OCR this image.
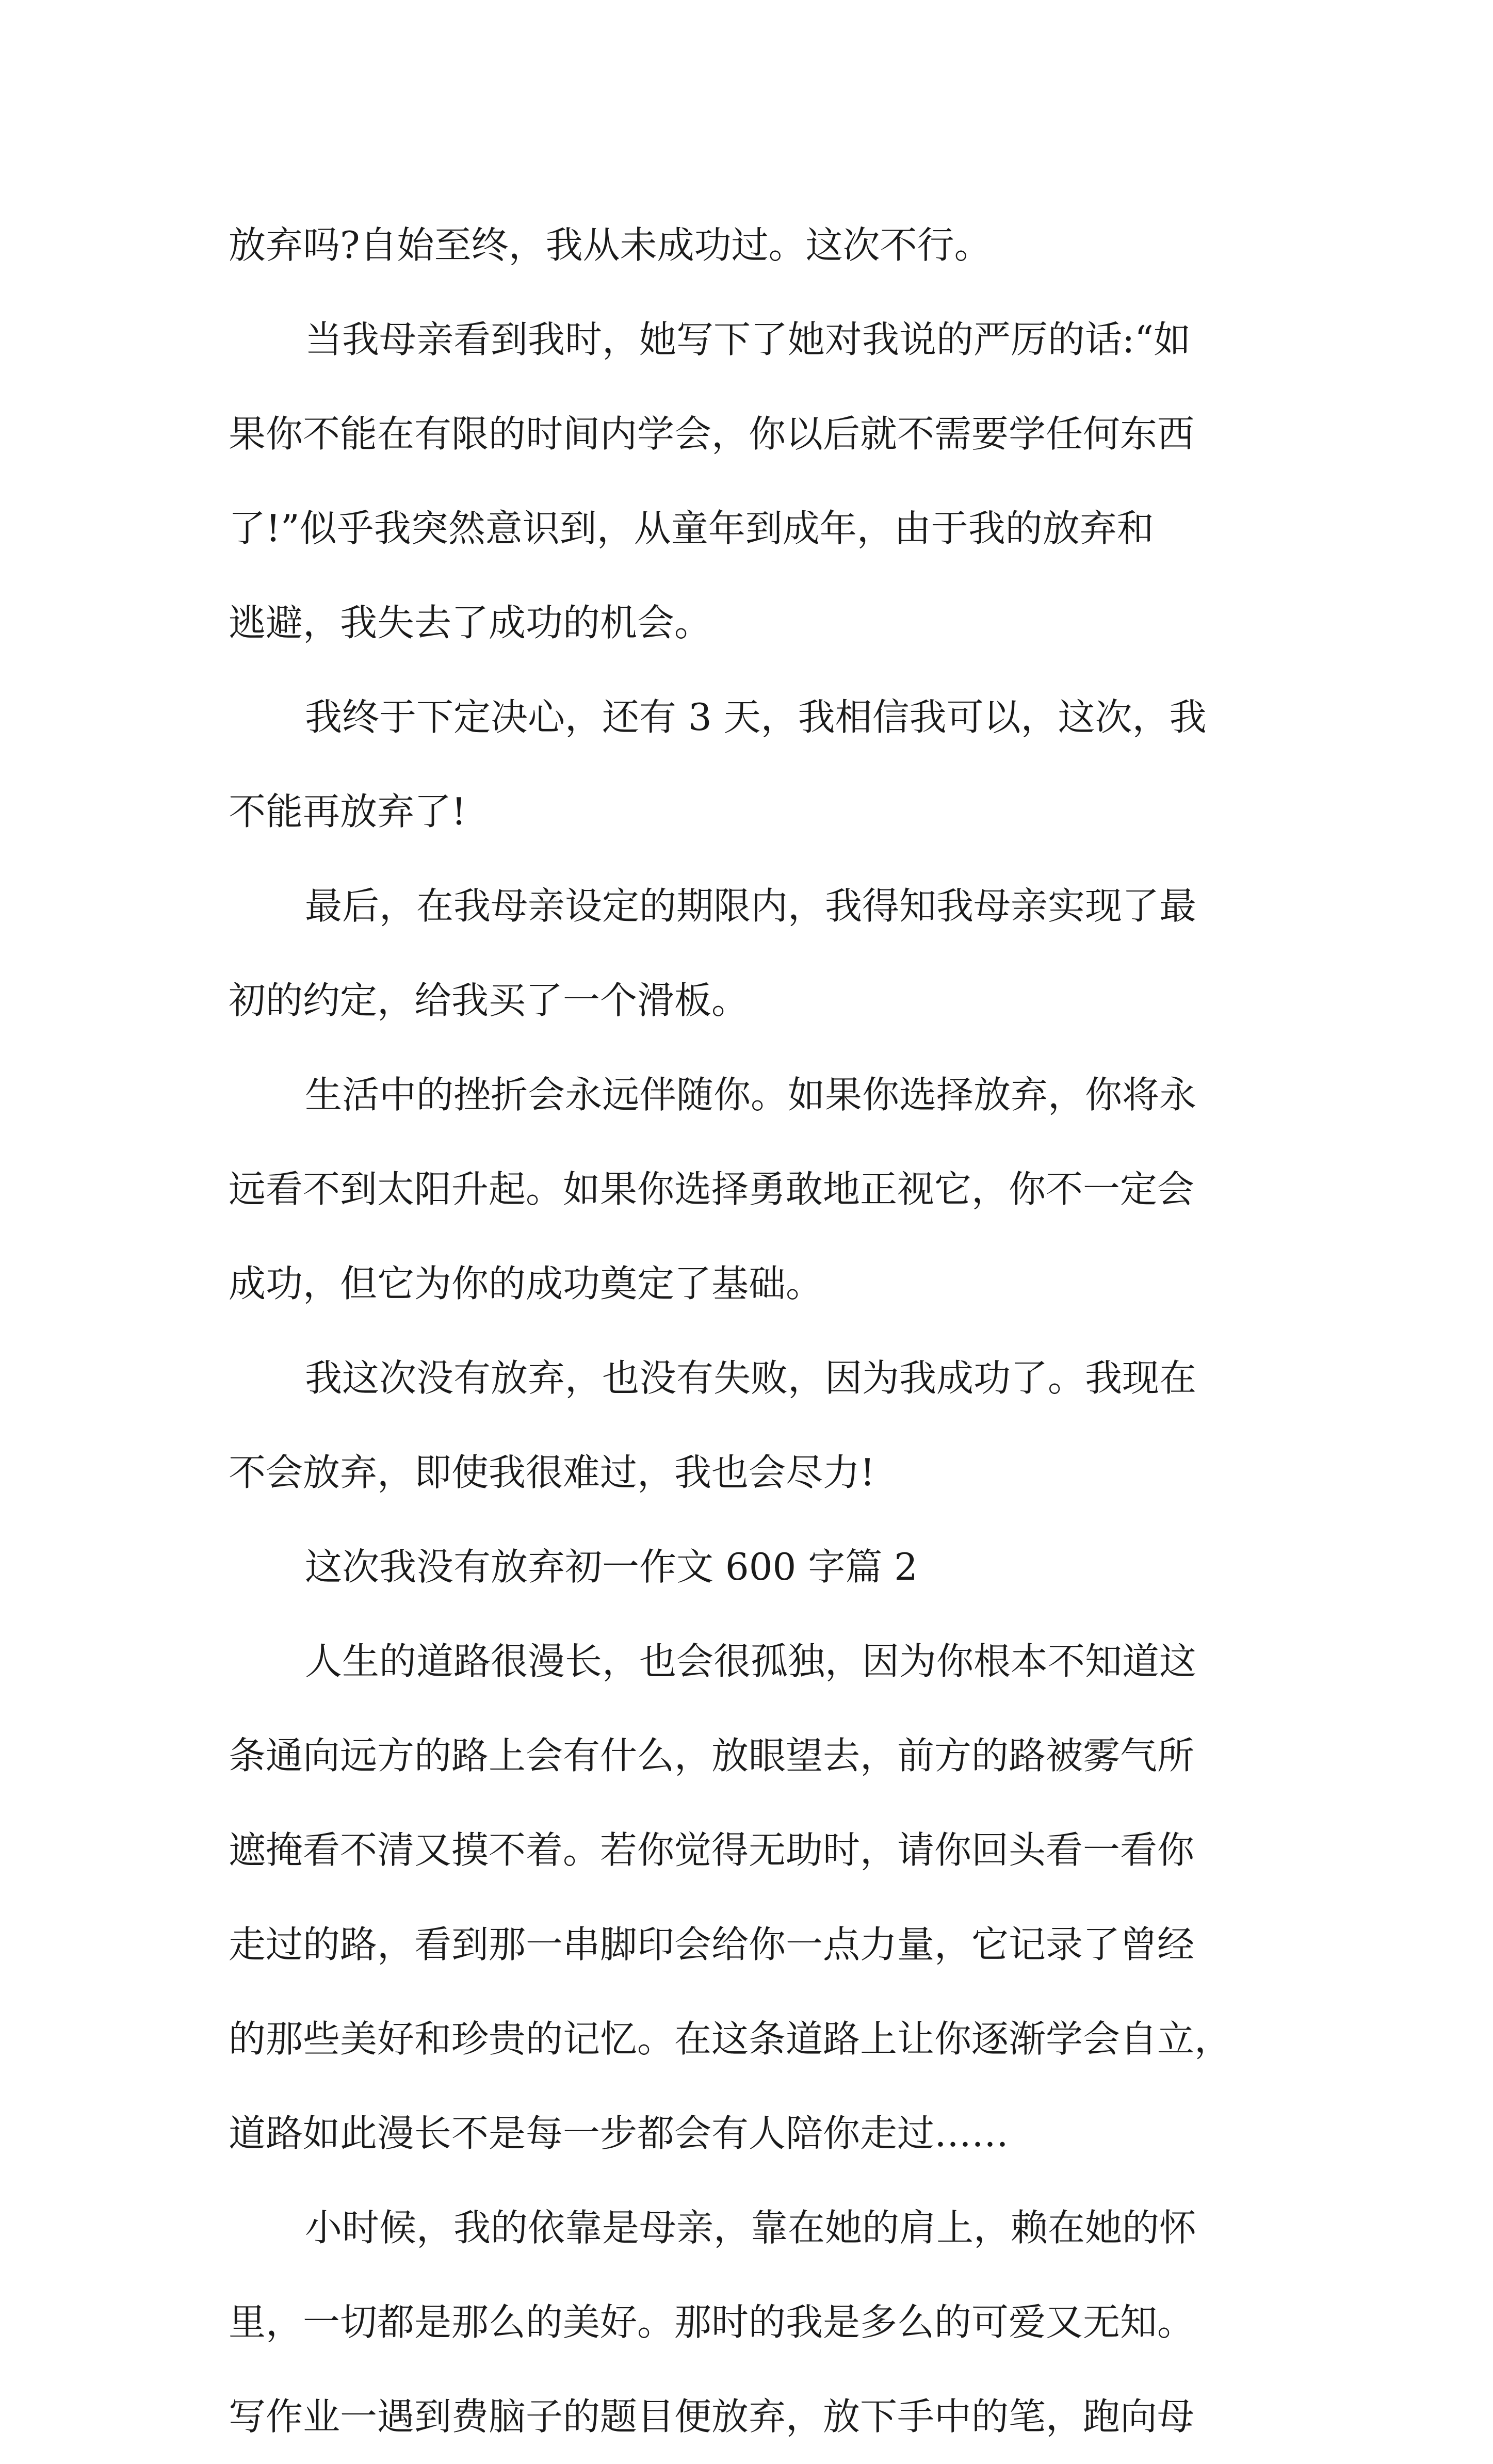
放弃吗?自始至终，我从未成功过。这次不行。
当我母亲看到我时，她写下了她对我说的严厉的话:“如
果你不能在有限的时间内学会，你以后就不需要学任何东西
了!”似乎我突然意识到，从童年到成年，由于我的放弃和
逃避，我失去了成功的机会。
我终于下定决心，还有 3 天，我相信我可以，这次，我
不能再放弃了!
最后，在我母亲设定的期限内，我得知我母亲实现了最
初的约定，给我买了一个滑板。
生活中的挫折会永远伴随你。如果你选择放弃，你将永
远看不到太阳升起。如果你选择勇敢地正视它，你不一定会
成功，但它为你的成功奠定了基础。
我这次没有放弃，也没有失败，因为我成功了。我现在
不会放弃，即使我很难过，我也会尽力!
这次我没有放弃初一作文 600 字篇 2
人生的道路很漫长，也会很孤独，因为你根本不知道这
条通向远方的路上会有什么，放眼望去，前方的路被雾气所
遮掩看不清又摸不着。若你觉得无助时，请你回头看一看你
走过的路，看到那一串脚印会给你一点力量，它记录了曾经
的那些美好和珍贵的记忆。在这条道路上让你逐渐学会自立，
道路如此漫长不是每一步都会有人陪你走过……
小时候，我的依靠是母亲，靠在她的肩上，赖在她的怀
里，一切都是那么的美好。那时的我是多么的可爱又无知。
写作业一遇到费脑子的题目便放弃，放下手中的笔，跑向母
